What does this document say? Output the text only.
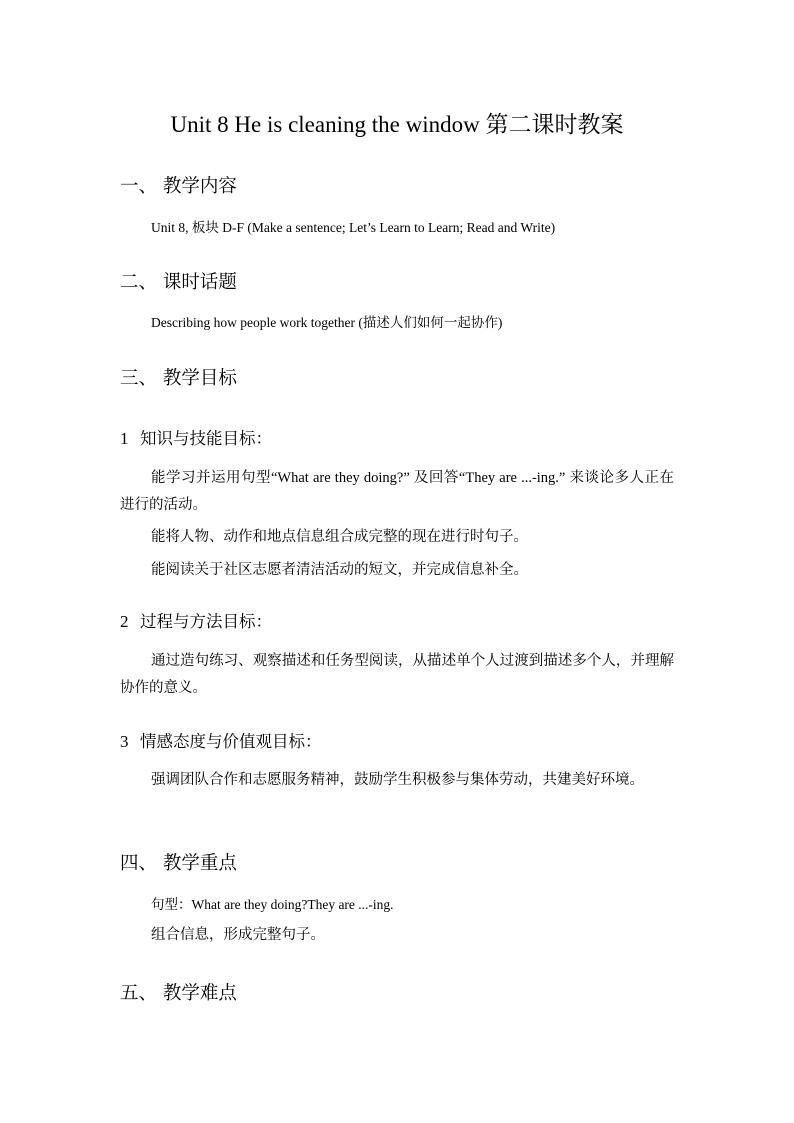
Unit 8 He is cleaning the window 第二课时教案
一、 教学内容
Unit 8, 板块 D-F (Make a sentence; Let’s Learn to Learn; Read and Write)
二、 课时话题
Describing how people work together (描述人们如何一起协作)
三、 教学目标
1 知识与技能目标：
能学习并运用句型“What are they doing?” 及回答“They are ...-ing.” 来谈论多人正在进行的活动。
能将人物、动作和地点信息组合成完整的现在进行时句子。
能阅读关于社区志愿者清洁活动的短文，并完成信息补全。
2 过程与方法目标：
通过造句练习、观察描述和任务型阅读，从描述单个人过渡到描述多个人，并理解协作的意义。
3 情感态度与价值观目标：
强调团队合作和志愿服务精神，鼓励学生积极参与集体劳动，共建美好环境。
四、 教学重点
句型：What are they doing?They are ...-ing.
组合信息，形成完整句子。
五、 教学难点
